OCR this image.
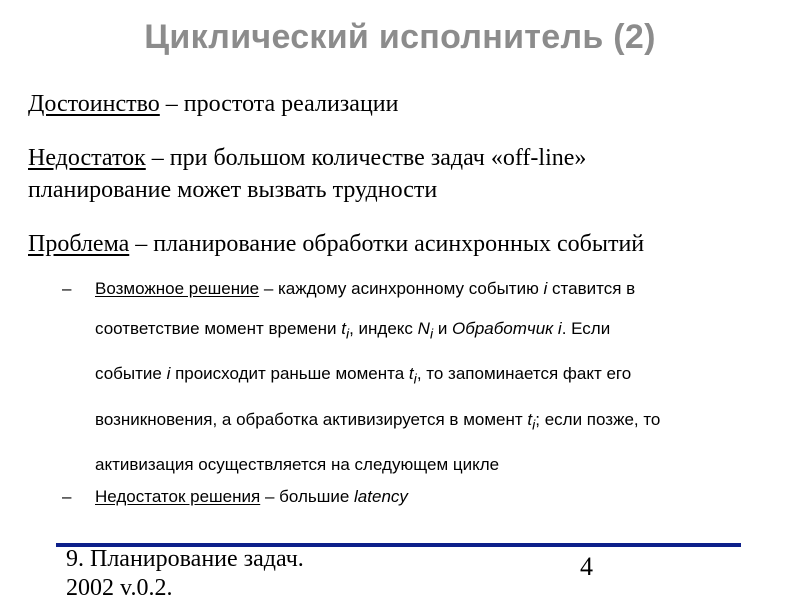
Циклический исполнитель (2)
Достоинство – простота реализации
Недостаток – при большом количестве задач «off-line»
планирование может вызвать трудности
Проблема – планирование обработки асинхронных событий
– Возможное решение – каждому асинхронному событию i ставится в
соответствие момент времени $t_i$, индекс $N_i$ и Обработчик i. Если
событие i происходит раньше момента $t_i$, то запоминается факт его
возникновения, а обработка активизируется в момент $t_i$; если позже, то
активизация осуществляется на следующем цикле
– Недостаток решения – большие latency
9. Планирование задач.
2002 v.0.2.
4
